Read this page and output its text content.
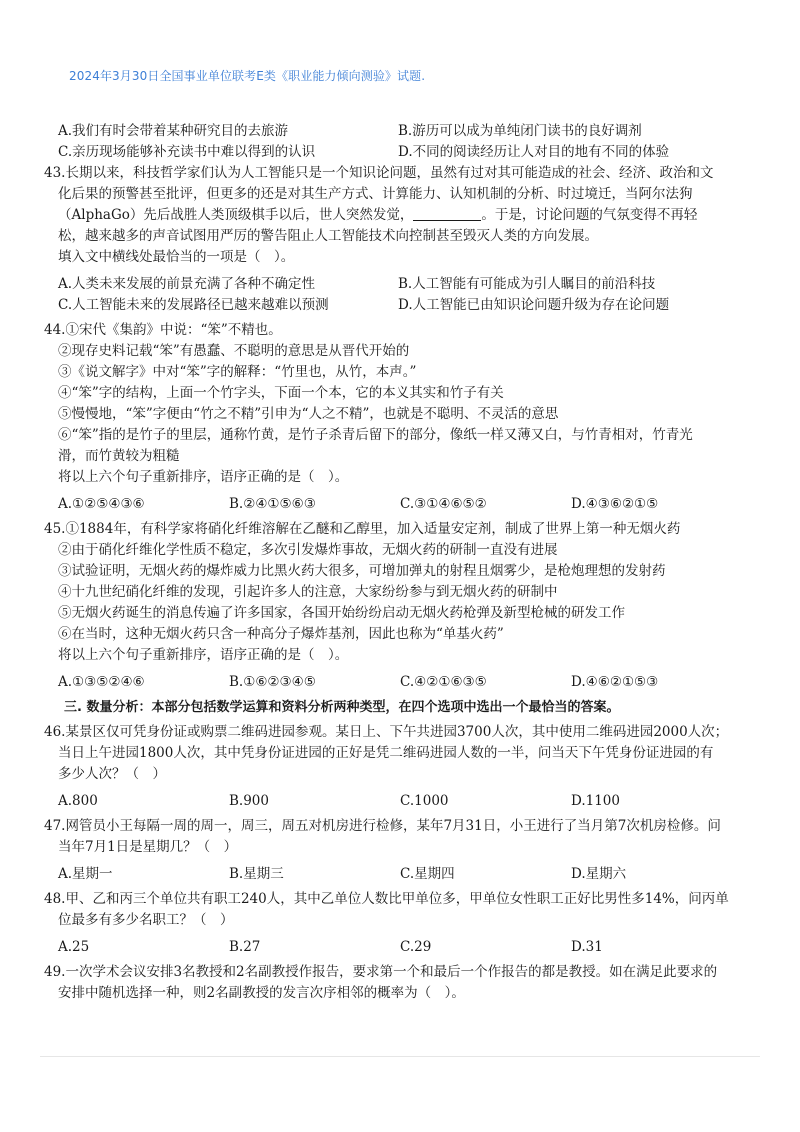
2024年3月30日全国事业单位联考E类《职业能力倾向测验》试题.
A.我们有时会带着某种研究目的去旅游	B.游历可以成为单纯闭门读书的良好调剂
C.亲历现场能够补充读书中难以得到的认识	D.不同的阅读经历让人对目的地有不同的体验
43.长期以来，科技哲学家们认为人工智能只是一个知识论问题，虽然有过对其可能造成的社会、经济、政治和文
化后果的预警甚至批评，但更多的还是对其生产方式、计算能力、认知机制的分析、时过境迁，当阿尔法狗
（AlphaGo）先后战胜人类顶级棋手以后，世人突然发觉，	。于是，讨论问题的气氛变得不再轻
松，越来越多的声音试图用严厉的警告阻止人工智能技术向控制甚至毁灭人类的方向发展。
填入文中横线处最恰当的一项是（　）。
A.人类未来发展的前景充满了各种不确定性	B.人工智能有可能成为引人瞩目的前沿科技
C.人工智能未来的发展路径已越来越难以预测	D.人工智能已由知识论问题升级为存在论问题
44.①宋代《集韵》中说：“笨”不精也。
②现存史料记载“笨”有愚蠢、不聪明的意思是从晋代开始的
③《说文解字》中对“笨”字的解释：“竹里也，从竹，本声。”
④“笨”字的结构，上面一个竹字头，下面一个本，它的本义其实和竹子有关
⑤慢慢地，“笨”字便由“竹之不精”引申为“人之不精”，也就是不聪明、不灵活的意思
⑥“笨”指的是竹子的里层，通称竹黄，是竹子杀青后留下的部分，像纸一样又薄又白，与竹青相对，竹青光
滑，而竹黄较为粗糙
将以上六个句子重新排序，语序正确的是（　）。
A.①②⑤④③⑥	B.②④①⑤⑥③	C.③①④⑥⑤②	D.④③⑥②①⑤
45.①1884年，有科学家将硝化纤维溶解在乙醚和乙醇里，加入适量安定剂，制成了世界上第一种无烟火药
②由于硝化纤维化学性质不稳定，多次引发爆炸事故，无烟火药的研制一直没有进展
③试验证明，无烟火药的爆炸威力比黑火药大很多，可增加弹丸的射程且烟雾少，是枪炮理想的发射药
④十九世纪硝化纤维的发现，引起许多人的注意，大家纷纷参与到无烟火药的研制中
⑤无烟火药诞生的消息传遍了许多国家，各国开始纷纷启动无烟火药枪弹及新型枪械的研发工作
⑥在当时，这种无烟火药只含一种高分子爆炸基剂，因此也称为“单基火药”
将以上六个句子重新排序，语序正确的是（　）。
A.①③⑤②④⑥	B.①⑥②③④⑤	C.④②①⑥③⑤	D.④⑥②①⑤③
三. 数量分析：本部分包括数学运算和资料分析两种类型，在四个选项中选出一个最恰当的答案。
46.某景区仅可凭身份证或购票二维码进园参观。某日上、下午共进园3700人次，其中使用二维码进园2000人次；
当日上午进园1800人次，其中凭身份证进园的正好是凭二维码进园人数的一半，问当天下午凭身份证进园的有
多少人次？（　）
A.800	B.900	C.1000	D.1100
47.网管员小王每隔一周的周一，周三，周五对机房进行检修，某年7月31日，小王进行了当月第7次机房检修。问
当年7月1日是星期几？（　）
A.星期一	B.星期三	C.星期四	D.星期六
48.甲、乙和丙三个单位共有职工240人，其中乙单位人数比甲单位多，甲单位女性职工正好比男性多14%，问丙单
位最多有多少名职工？（　）
A.25	B.27	C.29	D.31
49.一次学术会议安排3名教授和2名副教授作报告，要求第一个和最后一个作报告的都是教授。如在满足此要求的
安排中随机选择一种，则2名副教授的发言次序相邻的概率为（　）。
